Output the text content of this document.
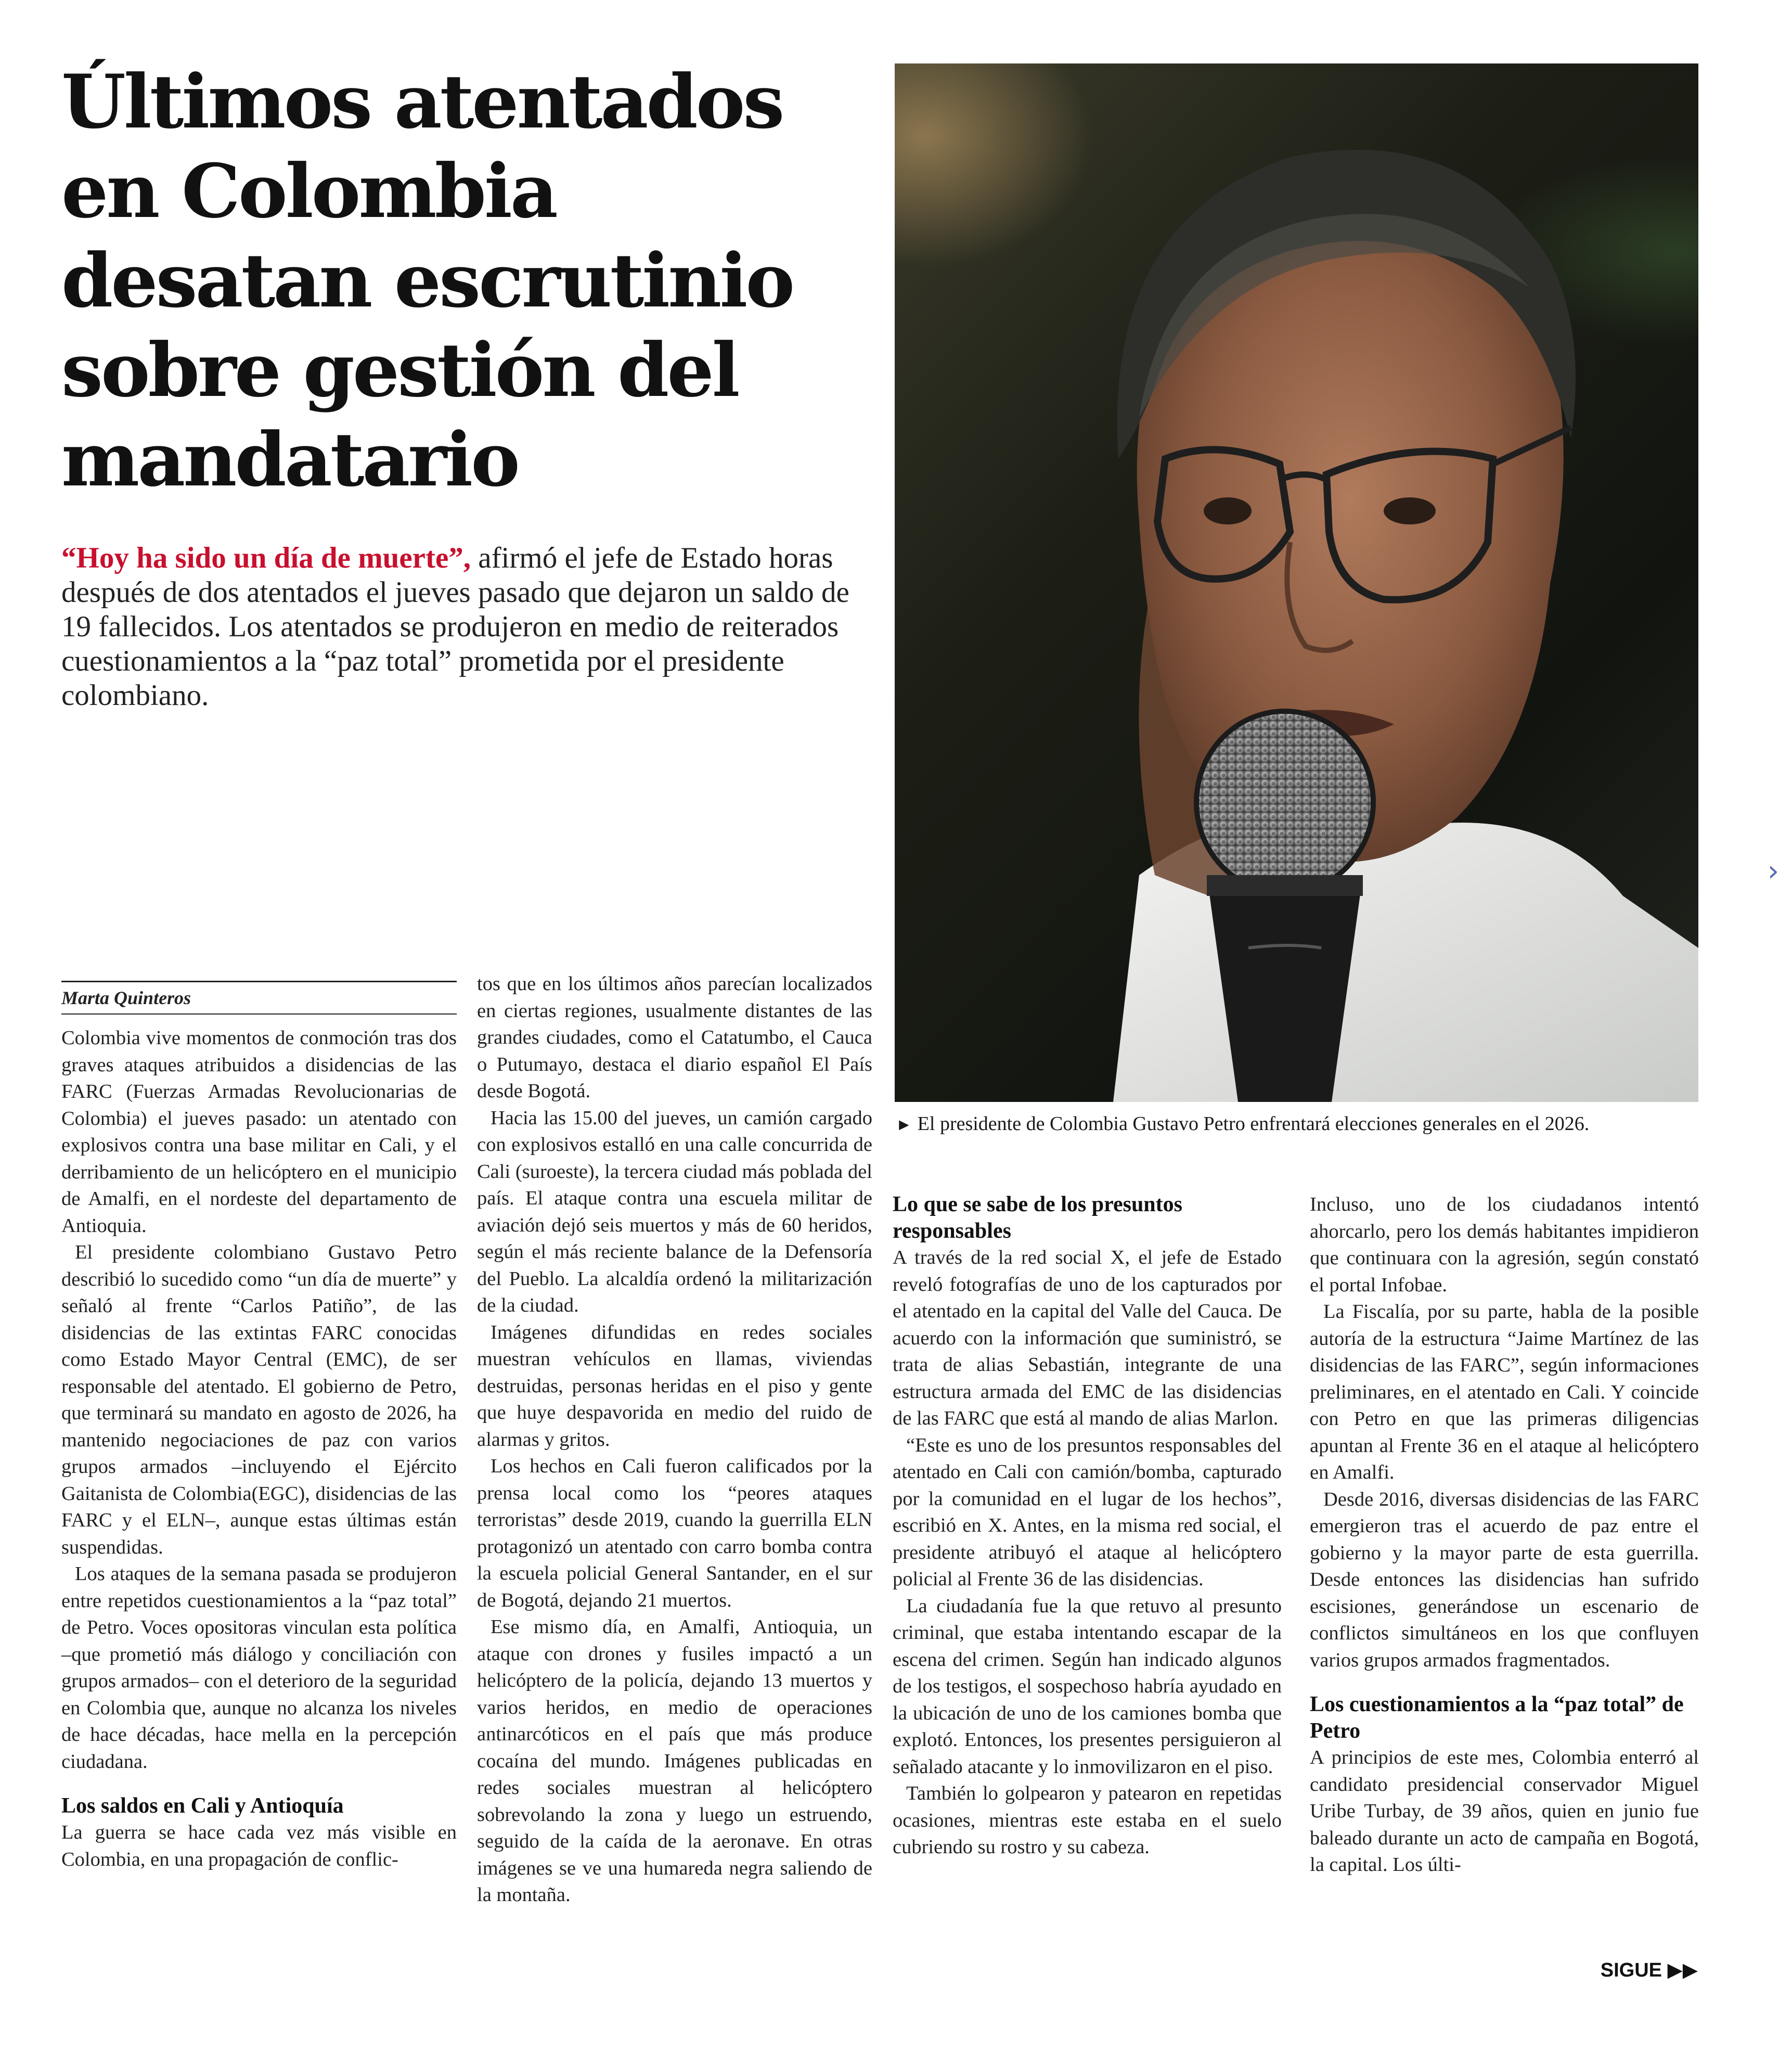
Últimos atentados en Colombia desatan escrutinio sobre gestión del mandatario

“Hoy ha sido un día de muerte”, afirmó el jefe de Estado horas después de dos atentados el jueves pasado que dejaron un saldo de 19 fallecidos. Los atentados se produjeron en medio de reiterados cuestionamientos a la “paz total” prometida por el presidente colombiano.

► El presidente de Colombia Gustavo Petro enfrentará elecciones generales en el 2026.

Marta Quinteros

Colombia vive momentos de conmoción tras dos graves ataques atribuidos a disidencias de las FARC (Fuerzas Armadas Revolucionarias de Colombia) el jueves pasado: un atentado con explosivos contra una base militar en Cali, y el derribamiento de un helicóptero en el municipio de Amalfi, en el nordeste del departamento de Antioquia.

El presidente colombiano Gustavo Petro describió lo sucedido como “un día de muerte” y señaló al frente “Carlos Patiño”, de las disidencias de las extintas FARC conocidas como Estado Mayor Central (EMC), de ser responsable del atentado. El gobierno de Petro, que terminará su mandato en agosto de 2026, ha mantenido negociaciones de paz con varios grupos armados –incluyendo el Ejército Gaitanista de Colombia(EGC), disidencias de las FARC y el ELN–, aunque estas últimas están suspendidas.

Los ataques de la semana pasada se produjeron entre repetidos cuestionamientos a la “paz total” de Petro. Voces opositoras vinculan esta política –que prometió más diálogo y conciliación con grupos armados– con el deterioro de la seguridad en Colombia que, aunque no alcanza los niveles de hace décadas, hace mella en la percepción ciudadana.

Los saldos en Cali y Antioquía

La guerra se hace cada vez más visible en Colombia, en una propagación de conflic-

tos que en los últimos años parecían localizados en ciertas regiones, usualmente distantes de las grandes ciudades, como el Catatumbo, el Cauca o Putumayo, destaca el diario español El País desde Bogotá.

Hacia las 15.00 del jueves, un camión cargado con explosivos estalló en una calle concurrida de Cali (suroeste), la tercera ciudad más poblada del país. El ataque contra una escuela militar de aviación dejó seis muertos y más de 60 heridos, según el más reciente balance de la Defensoría del Pueblo. La alcaldía ordenó la militarización de la ciudad.

Imágenes difundidas en redes sociales muestran vehículos en llamas, viviendas destruidas, personas heridas en el piso y gente que huye despavorida en medio del ruido de alarmas y gritos.

Los hechos en Cali fueron calificados por la prensa local como los “peores ataques terroristas” desde 2019, cuando la guerrilla ELN protagonizó un atentado con carro bomba contra la escuela policial General Santander, en el sur de Bogotá, dejando 21 muertos.

Ese mismo día, en Amalfi, Antioquia, un ataque con drones y fusiles impactó a un helicóptero de la policía, dejando 13 muertos y varios heridos, en medio de operaciones antinarcóticos en el país que más produce cocaína del mundo. Imágenes publicadas en redes sociales muestran al helicóptero sobrevolando la zona y luego un estruendo, seguido de la caída de la aeronave. En otras imágenes se ve una humareda negra saliendo de la montaña.

Lo que se sabe de los presuntos responsables

A través de la red social X, el jefe de Estado reveló fotografías de uno de los capturados por el atentado en la capital del Valle del Cauca. De acuerdo con la información que suministró, se trata de alias Sebastián, integrante de una estructura armada del EMC de las disidencias de las FARC que está al mando de alias Marlon.

“Este es uno de los presuntos responsables del atentado en Cali con camión/bomba, capturado por la comunidad en el lugar de los hechos”, escribió en X. Antes, en la misma red social, el presidente atribuyó el ataque al helicóptero policial al Frente 36 de las disidencias.

La ciudadanía fue la que retuvo al presunto criminal, que estaba intentando escapar de la escena del crimen. Según han indicado algunos de los testigos, el sospechoso habría ayudado en la ubicación de uno de los camiones bomba que explotó. Entonces, los presentes persiguieron al señalado atacante y lo inmovilizaron en el piso.

También lo golpearon y patearon en repetidas ocasiones, mientras este estaba en el suelo cubriendo su rostro y su cabeza.

Incluso, uno de los ciudadanos intentó ahorcarlo, pero los demás habitantes impidieron que continuara con la agresión, según constató el portal Infobae.

La Fiscalía, por su parte, habla de la posible autoría de la estructura “Jaime Martínez de las disidencias de las FARC”, según informaciones preliminares, en el atentado en Cali. Y coincide con Petro en que las primeras diligencias apuntan al Frente 36 en el ataque al helicóptero en Amalfi.

Desde 2016, diversas disidencias de las FARC emergieron tras el acuerdo de paz entre el gobierno y la mayor parte de esta guerrilla. Desde entonces las disidencias han sufrido escisiones, generándose un escenario de conflictos simultáneos en los que confluyen varios grupos armados fragmentados.

Los cuestionamientos a la “paz total” de Petro

A principios de este mes, Colombia enterró al candidato presidencial conservador Miguel Uribe Turbay, de 39 años, quien en junio fue baleado durante un acto de campaña en Bogotá, la capital. Los últi-

SIGUE ▶▶
›
